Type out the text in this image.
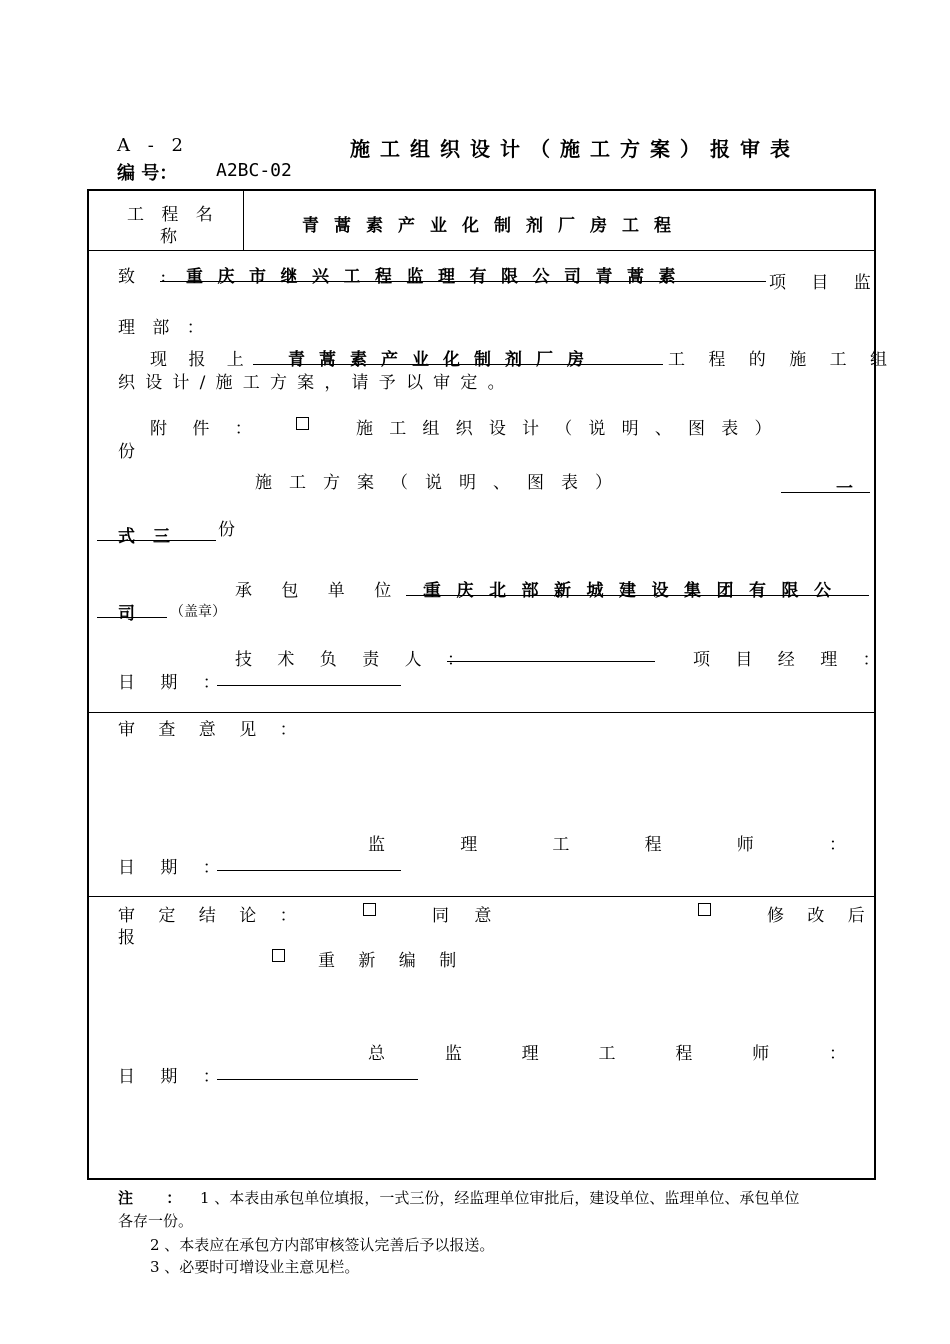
A - 2	施工组织设计（施工方案）报审表
编 号： A2BC-02
工 程 名
称
青蒿素产业化制剂厂房工程
致 : 重庆市继兴工程监理有限公司青蒿素	项 目 监
理 部 ：
现 报 上 青蒿素产业化制剂厂房	工 程 的 施 工 组
织 设 计 / 施 工 方 案 ， 请 予 以 审 定 。
附 件 ：	施 工 组 织 设 计 （ 说 明 、 图 表 ）
份
施 工 方 案 （ 说 明 、 图 表 ）	一
式三 份
承 包 单 位 ：
重庆北部新城建设集团有限公
司	（盖章）
技 术 负 责 人 ：	项 目 经 理 ：
日 期 ：
审 查 意 见 ：
监	理	工	程	师	：
日 期 ：
审 定 结 论 ：	同 意	修 改 后
报
重 新 编 制
总	监	理	工	程	师	：
日 期 ：
注 ： 1 、本表由承包单位填报，一式三份，经监理单位审批后，建设单位、监理单位、承包单位
各存一份。
2 、本表应在承包方内部审核签认完善后予以报送。
3 、必要时可增设业主意见栏。
